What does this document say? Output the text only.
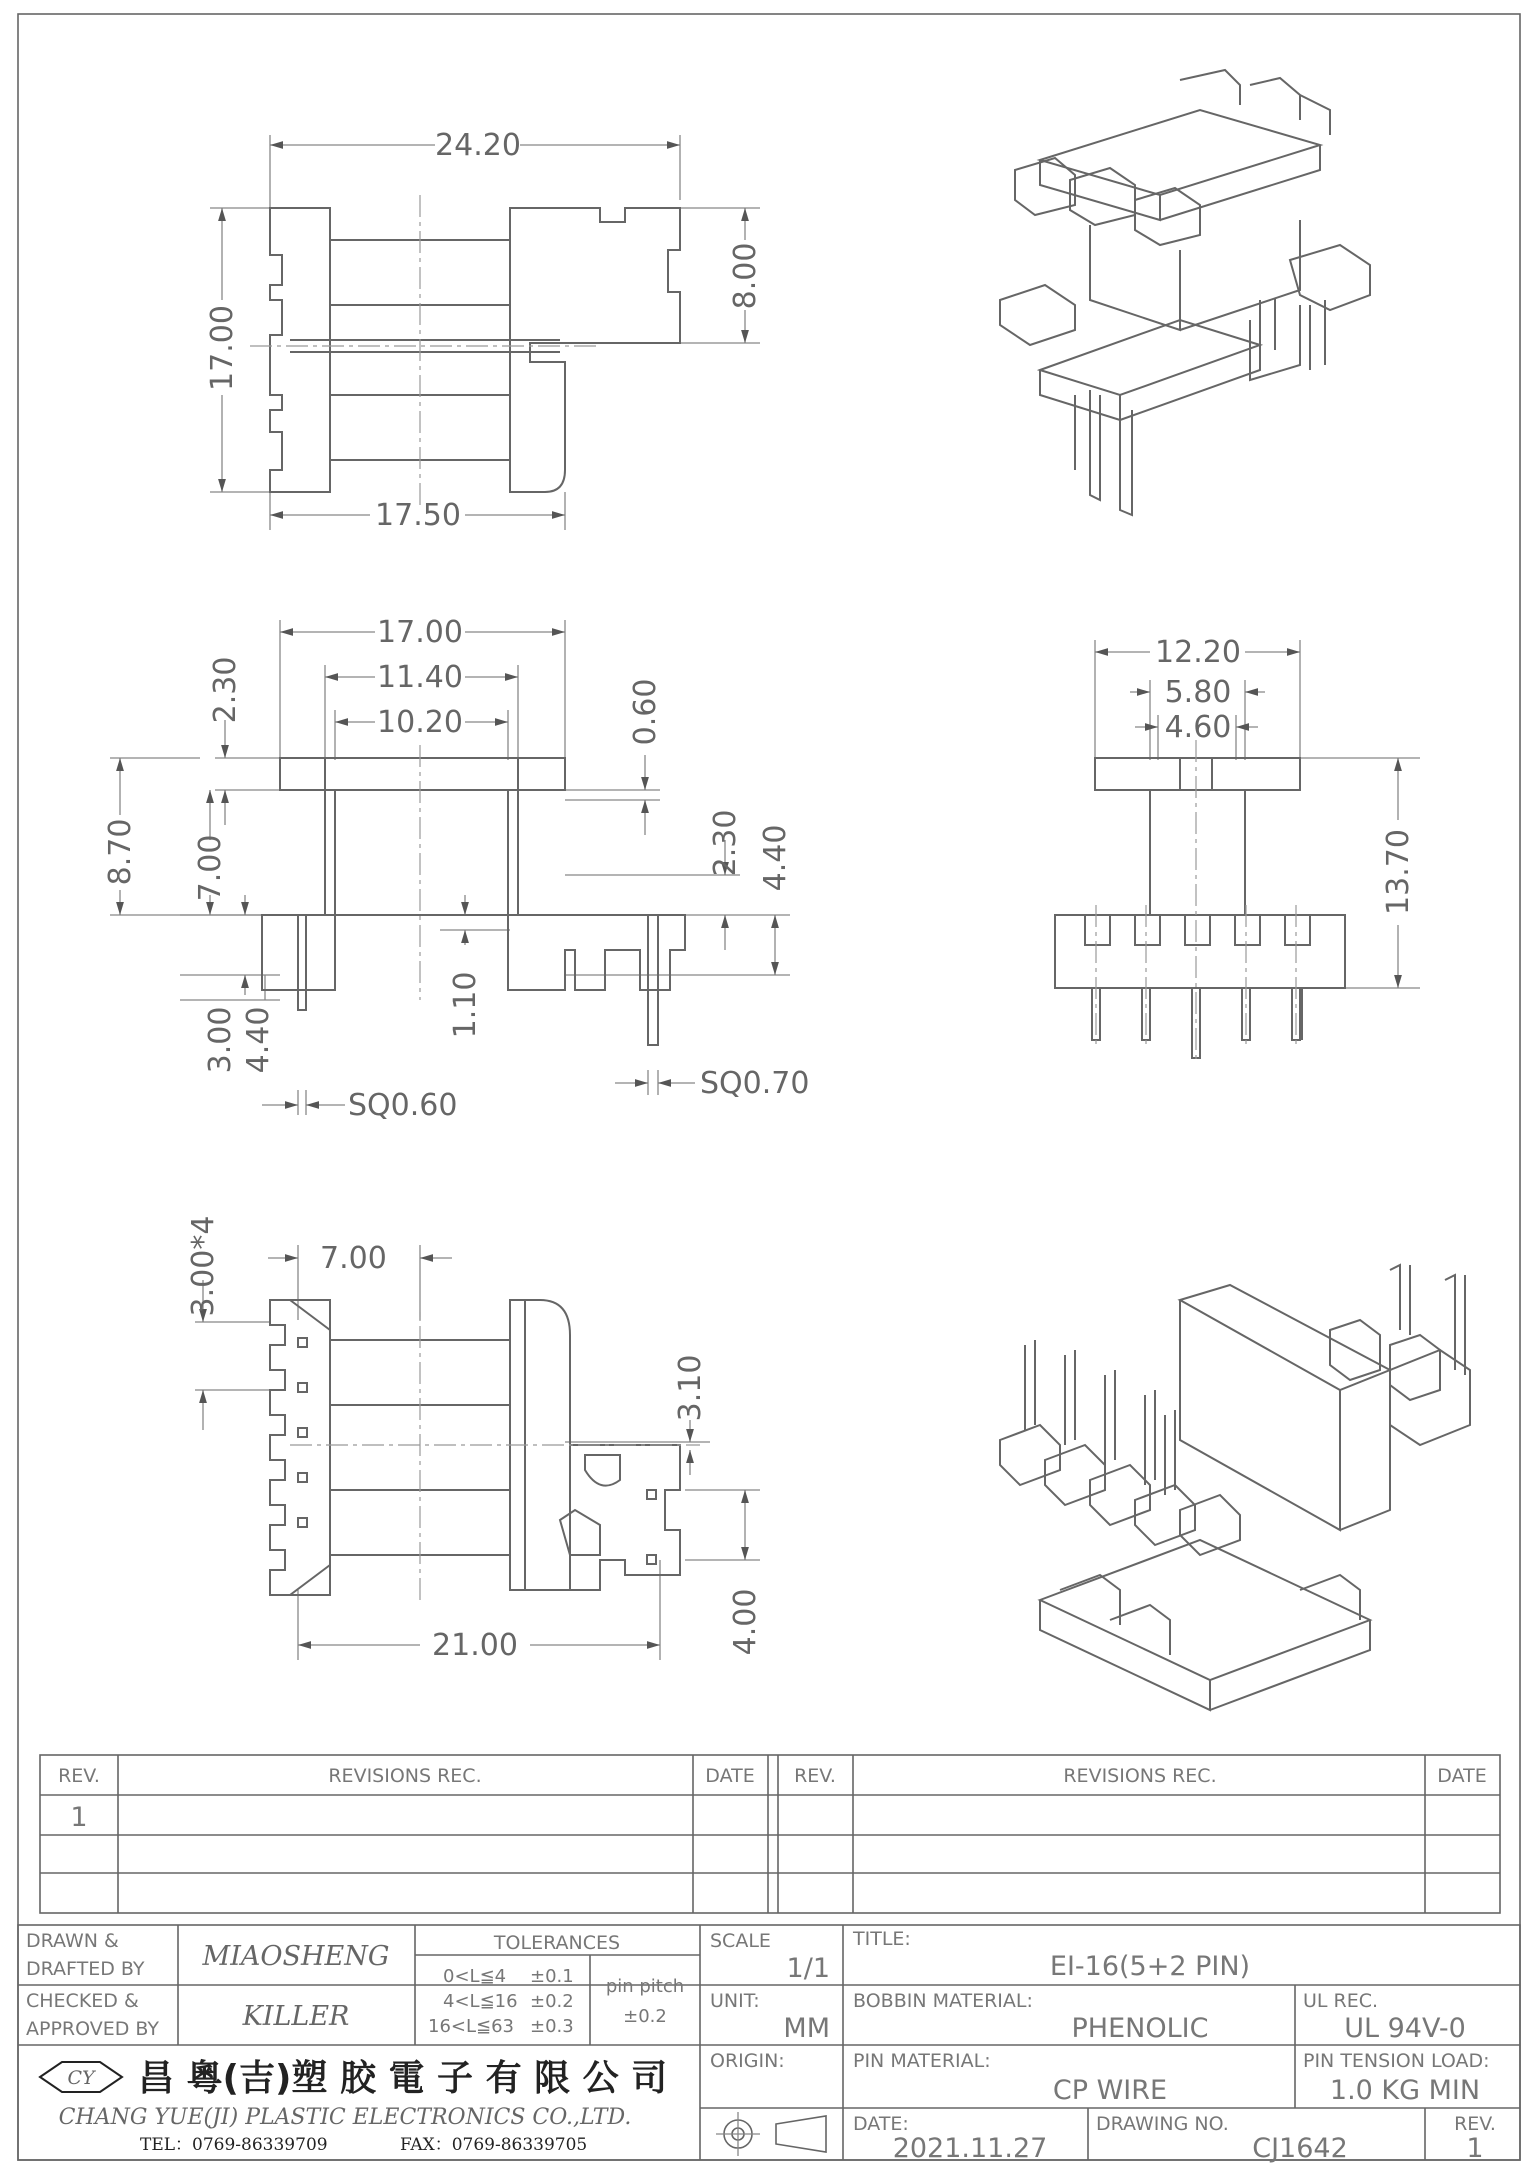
24.20
17.00
17.50
8.00
17.00
11.40
10.20
2.30	0.60
8.70 7.00	2.30 4.40
1.10
3.00 4.40
SQ0.60
SQ0.70
12.20
5.80
4.60
13.70
3.00*4	7.00
3.10
21.00	4.00
REV.	REVISIONS REC.	DATE REV.	REVISIONS REC.	DATE
1
DRAWN &
DRAFTED BY MIAOSHENG
CHECKED &
APPROVED BY	KILLER
TOLERANCES
0<L≦4 ±0.1
4<L≦16 ±0.2
16<L≦63 ±0.3
pin pitch
±0.2
SCALE
1/1
UNIT:
MM
ORIGIN:
TITLE:
EI-16(5+2 PIN)
BOBBIN MATERIAL:
PHENOLIC
UL REC.
UL 94V-0
PIN MATERIAL:
CP WIRE
PIN TENSION LOAD:
1.0 KG MIN
DATE:
2021.11.27
DRAWING NO.
CJ1642
REV.
1
CY 昌 粵(吉)塑 胶 電 子 有 限 公 司
CHANG YUE(JI) PLASTIC ELECTRONICS CO.,LTD.
TEL：0769-86339709	FAX：0769-86339705
